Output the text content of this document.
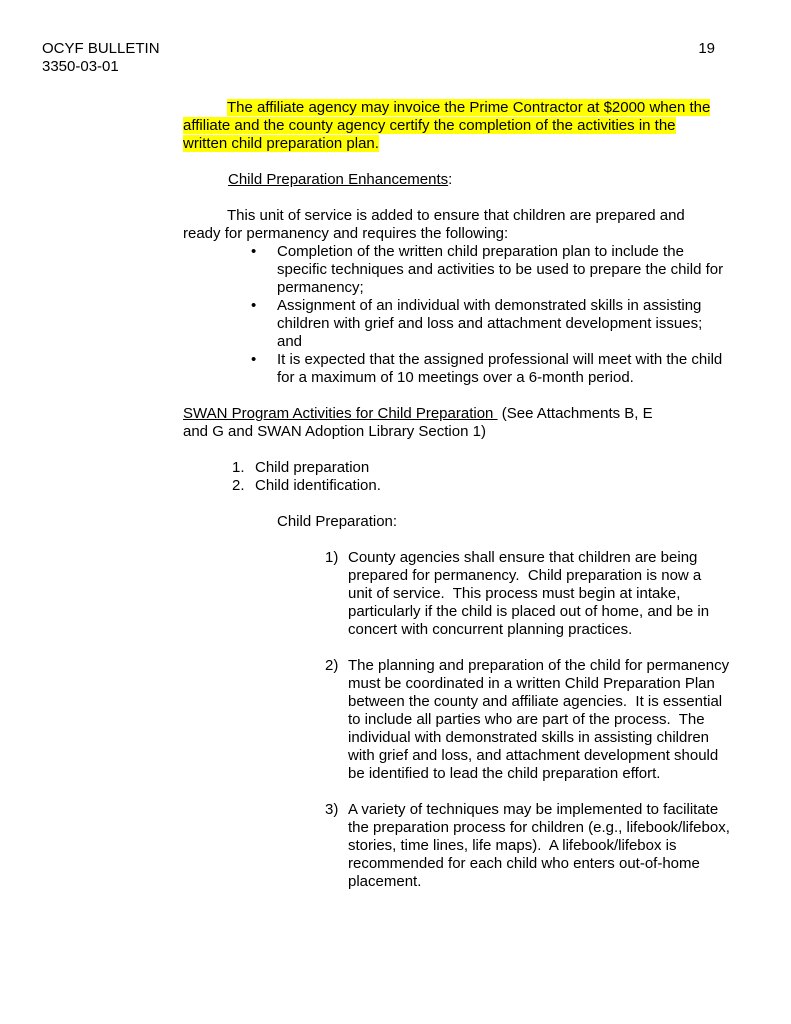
OCYF BULLETIN
3350-03-01
19
The affiliate agency may invoice the Prime Contractor at $2000 when the
affiliate and the county agency certify the completion of the activities in the
written child preparation plan.

Child Preparation Enhancements:

This unit of service is added to ensure that children are prepared and
ready for permanency and requires the following:

• Completion of the written child preparation plan to include the
specific techniques and activities to be used to prepare the child for
permanency;
• Assignment of an individual with demonstrated skills in assisting
children with grief and loss and attachment development issues;
and
• It is expected that the assigned professional will meet with the child
for a maximum of 10 meetings over a 6-month period.

SWAN Program Activities for Child Preparation  (See Attachments B, E
and G and SWAN Adoption Library Section 1)

1. Child preparation
2. Child identification.

Child Preparation:

1) County agencies shall ensure that children are being
prepared for permanency.  Child preparation is now a
unit of service.  This process must begin at intake,
particularly if the child is placed out of home, and be in
concert with concurrent planning practices.
2) The planning and preparation of the child for permanency
must be coordinated in a written Child Preparation Plan
between the county and affiliate agencies.  It is essential
to include all parties who are part of the process.  The
individual with demonstrated skills in assisting children
with grief and loss, and attachment development should
be identified to lead the child preparation effort.
3) A variety of techniques may be implemented to facilitate
the preparation process for children (e.g., lifebook/lifebox,
stories, time lines, life maps).  A lifebook/lifebox is
recommended for each child who enters out-of-home
placement.
